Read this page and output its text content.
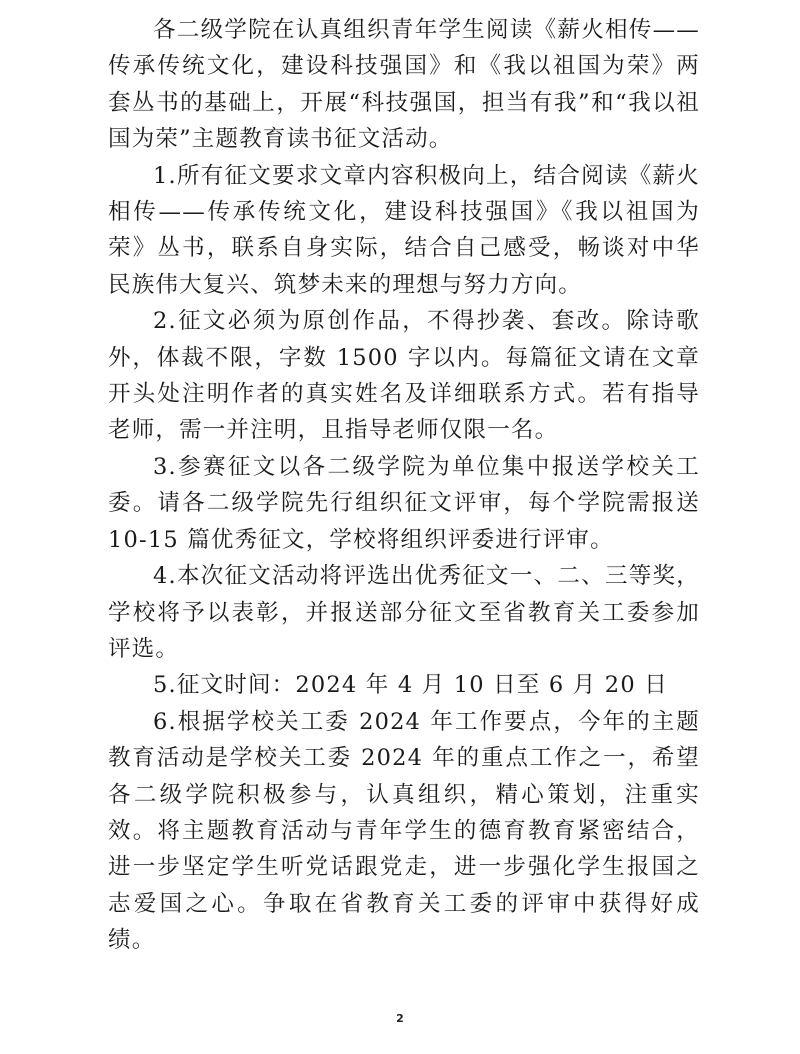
各二级学院在认真组织青年学生阅读《薪火相传——传承传统文化，建设科技强国》和《我以祖国为荣》两套丛书的基础上，开展“科技强国，担当有我”和“我以祖国为荣”主题教育读书征文活动。

1.所有征文要求文章内容积极向上，结合阅读《薪火相传——传承传统文化，建设科技强国》《我以祖国为荣》丛书，联系自身实际，结合自己感受，畅谈对中华民族伟大复兴、筑梦未来的理想与努力方向。

2.征文必须为原创作品，不得抄袭、套改。除诗歌外，体裁不限，字数 1500 字以内。每篇征文请在文章开头处注明作者的真实姓名及详细联系方式。若有指导老师，需一并注明，且指导老师仅限一名。

3.参赛征文以各二级学院为单位集中报送学校关工委。请各二级学院先行组织征文评审，每个学院需报送 10-15 篇优秀征文，学校将组织评委进行评审。

4.本次征文活动将评选出优秀征文一、二、三等奖，学校将予以表彰，并报送部分征文至省教育关工委参加评选。

5.征文时间：2024 年 4 月 10 日至 6 月 20 日

6.根据学校关工委 2024 年工作要点，今年的主题教育活动是学校关工委 2024 年的重点工作之一，希望各二级学院积极参与，认真组织，精心策划，注重实效。将主题教育活动与青年学生的德育教育紧密结合，进一步坚定学生听党话跟党走，进一步强化学生报国之志爱国之心。争取在省教育关工委的评审中获得好成绩。

2
